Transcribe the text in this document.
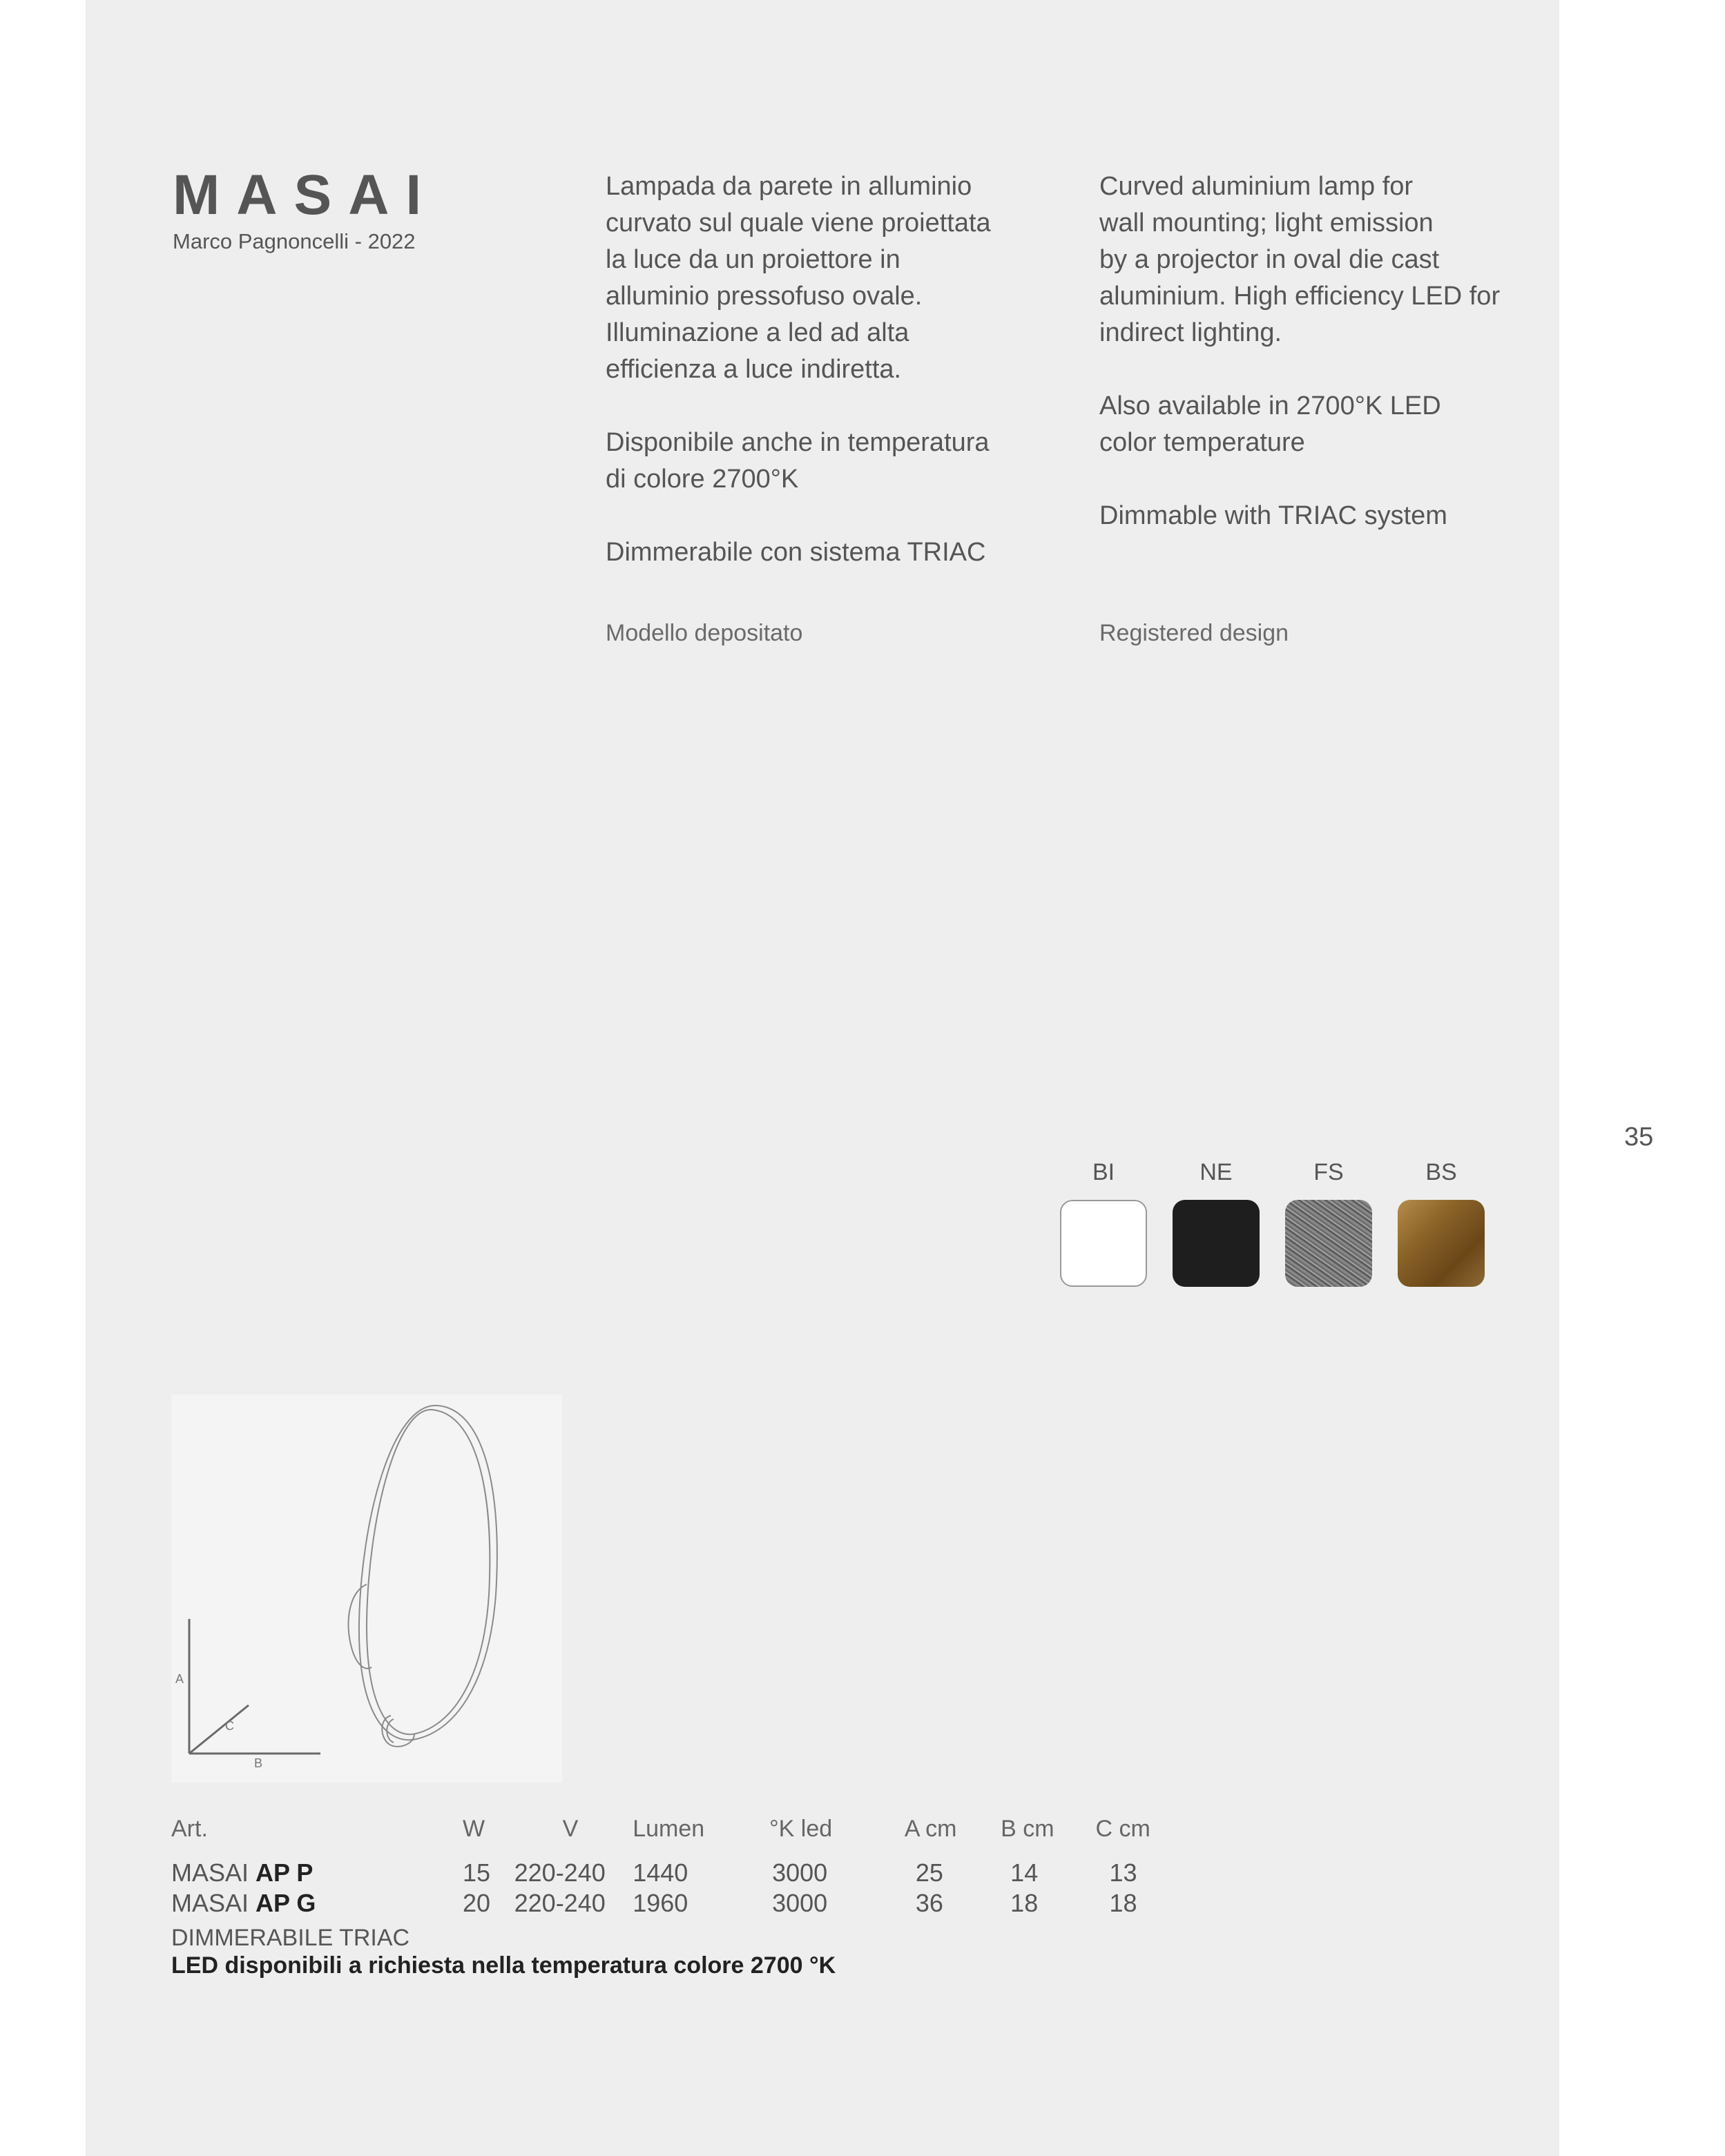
35
MASAI
Marco Pagnoncelli - 2022

Lampada da parete in alluminio
curvato sul quale viene proiettata
la luce da un proiettore in
alluminio pressofuso ovale.
Illuminazione a led ad alta
efficienza a luce indiretta.

Disponibile anche in temperatura
di colore 2700°K

Dimmerabile con sistema TRIAC

Modello depositato

Curved aluminium lamp for
wall mounting; light emission
by a projector in oval die cast
aluminium. High efficiency LED for
indirect lighting.

Also available in 2700°K LED
color temperature

Dimmable with TRIAC system

Registered design
BI	NE	FS	BS
A
B
C
Art.	W	V	Lumen	°K led	A cm	B cm	C cm

MASAI AP P	15	220-240	1440	3000	25	14	13
MASAI AP G	20	220-240	1960	3000	36	18	18
DIMMERABILE TRIAC
LED disponibili a richiesta nella temperatura colore 2700 °K
